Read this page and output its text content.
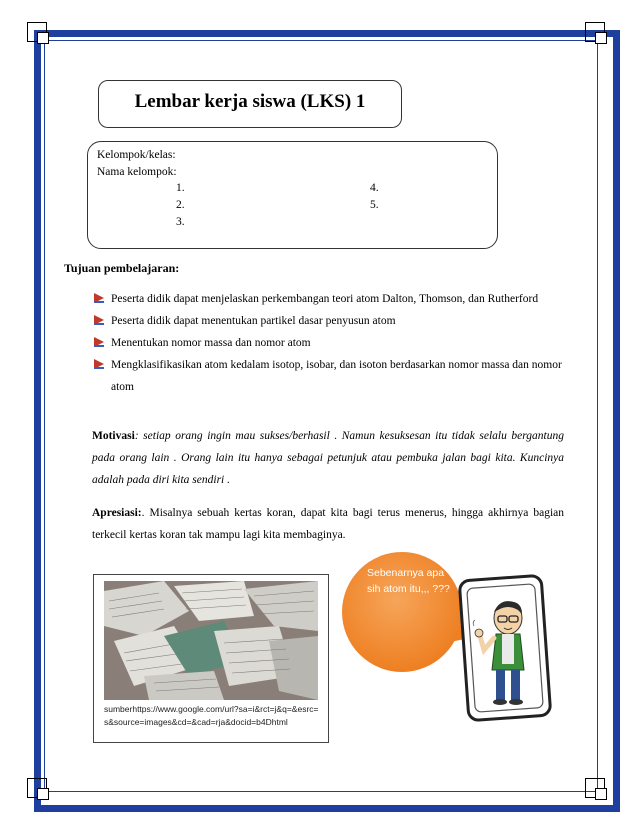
Lembar kerja siswa (LKS) 1
Kelompok/kelas:
Nama kelompok:
1.
2.
3.
4.
5.
Tujuan pembelajaran:
Peserta didik dapat menjelaskan perkembangan teori atom Dalton, Thomson, dan Rutherford
Peserta didik dapat menentukan partikel dasar penyusun atom
Menentukan nomor massa dan nomor atom
Mengklasifikasikan atom kedalam isotop, isobar, dan isoton berdasarkan nomor massa dan nomor atom
Motivasi: setiap orang ingin mau sukses/berhasil . Namun kesuksesan itu tidak selalu bergantung pada orang lain . Orang lain itu hanya sebagai petunjuk atau pembuka jalan bagi kita. Kuncinya adalah pada diri kita sendiri .
Apresiasi:. Misalnya sebuah kertas koran, dapat kita bagi terus menerus, hingga akhirnya bagian terkecil kertas koran tak mampu lagi kita membaginya.
sumberhttps://www.google.com/url?sa=i&rct=j&q=&esrc=s&source=images&cd=&cad=rja&docid=b4Dhtml
Sebenarnya apa sih atom itu,,, ???
